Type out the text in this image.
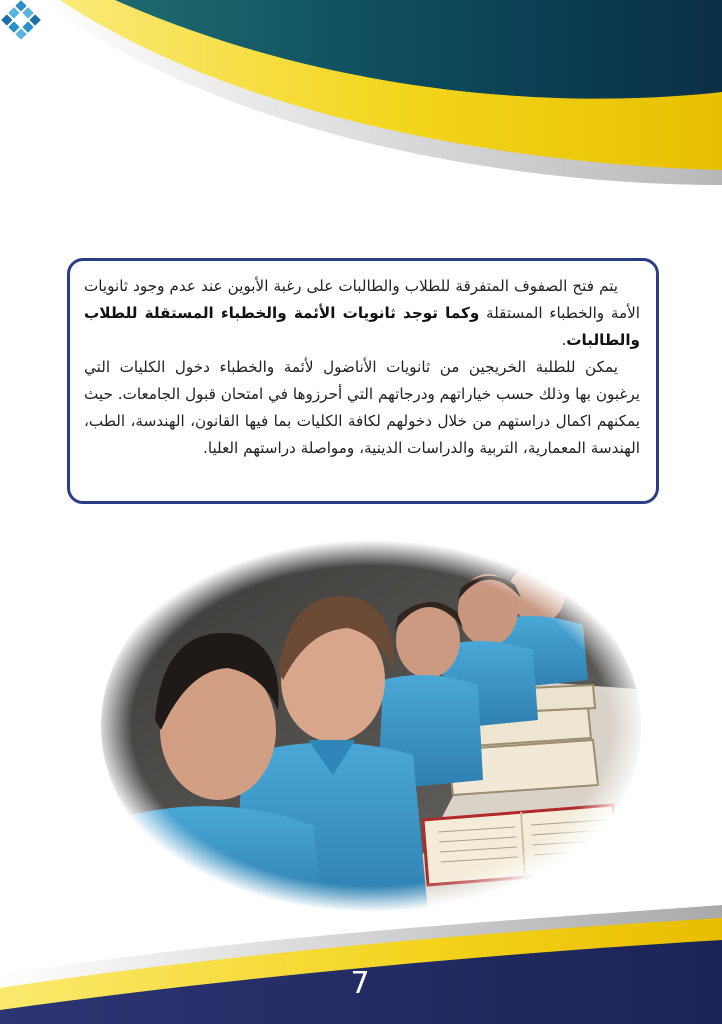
يتم فتح الصفوف المتفرقة للطلاب والطالبات على رغبة الأبوين عند عدم وجود ثانويات الأمة والخطباء المستقلة وكما توجد ثانويات الأئمة والخطباء المستقلة للطلاب والطالبات.

يمكن للطلبة الخريجين من ثانويات الأناضول لأئمة والخطباء دخول الكليات التي يرغبون بها وذلك حسب خياراتهم ودرجاتهم التي أحرزوها في امتحان قبول الجامعات. حيث يمكنهم اكمال دراستهم من خلال دخولهم لكافة الكليات بما فيها القانون، الهندسة، الطب، الهندسة المعمارية، التربية والدراسات الدينية، ومواصلة دراستهم العليا.

7
